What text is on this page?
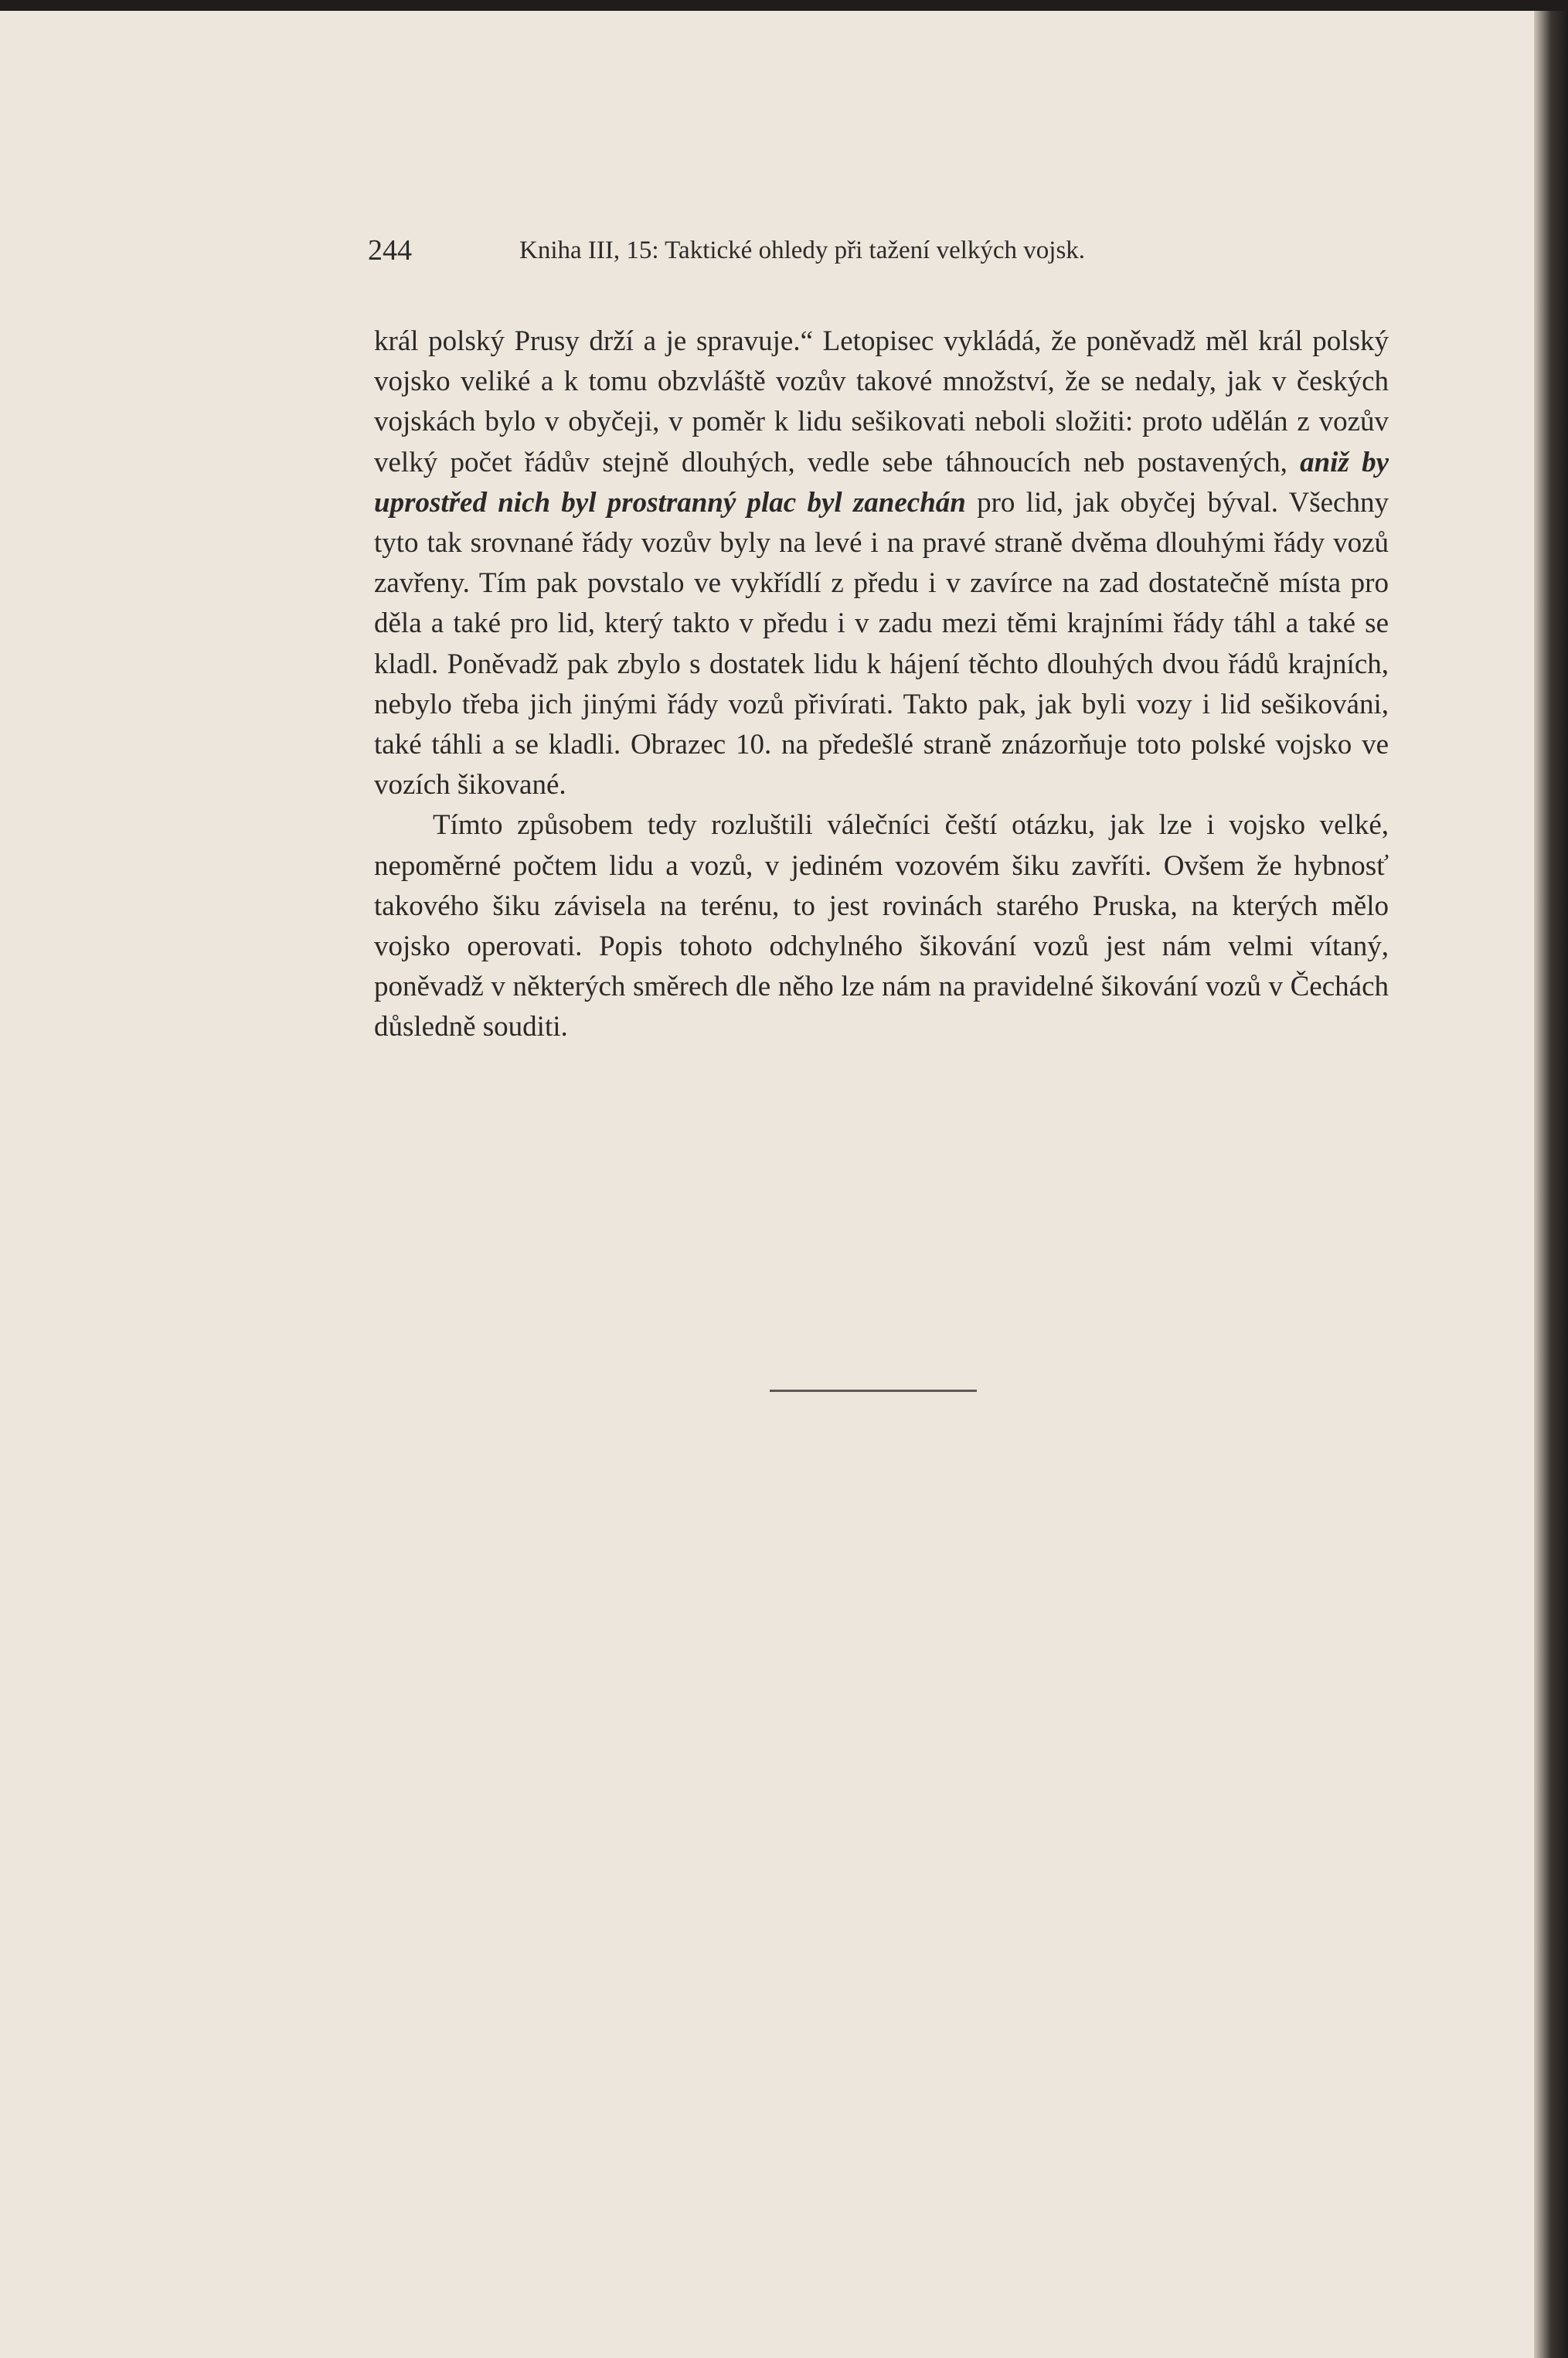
244	Kniha III, 15: Taktické ohledy při tažení velkých vojsk.

král polský Prusy drží a je spravuje.“ Letopisec vykládá, že poněvadž měl král polský vojsko veliké a k tomu obzvláště vozův takové množství, že se nedaly, jak v českých vojskách bylo v obyčeji, v poměr k lidu sešikovati neboli složiti: proto udělán z vozův velký počet řádův stejně dlouhých, vedle sebe táhnoucích neb postavených, aniž by uprostřed nich byl prostranný plac byl zanechán pro lid, jak obyčej býval. Všechny tyto tak srovnané řády vozův byly na levé i na pravé straně dvěma dlouhými řády vozů zavřeny. Tím pak povstalo ve vykřídlí z předu i v zavírce na zad dostatečně místa pro děla a také pro lid, který takto v předu i v zadu mezi těmi krajními řády táhl a také se kladl. Poněvadž pak zbylo s dostatek lidu k hájení těchto dlouhých dvou řádů krajních, nebylo třeba jich jinými řády vozů přivírati. Takto pak, jak byli vozy i lid sešikováni, také táhli a se kladli. Obrazec 10. na předešlé straně znázorňuje toto polské vojsko ve vozích šikované.

Tímto způsobem tedy rozluštili válečníci čeští otázku, jak lze i vojsko velké, nepoměrné počtem lidu a vozů, v jediném vozovém šiku zavříti. Ovšem že hybnosť takového šiku závisela na terénu, to jest rovinách starého Pruska, na kterých mělo vojsko operovati. Popis tohoto odchylného šikování vozů jest nám velmi vítaný, poněvadž v některých směrech dle něho lze nám na pravidelné šikování vozů v Čechách důsledně souditi.
